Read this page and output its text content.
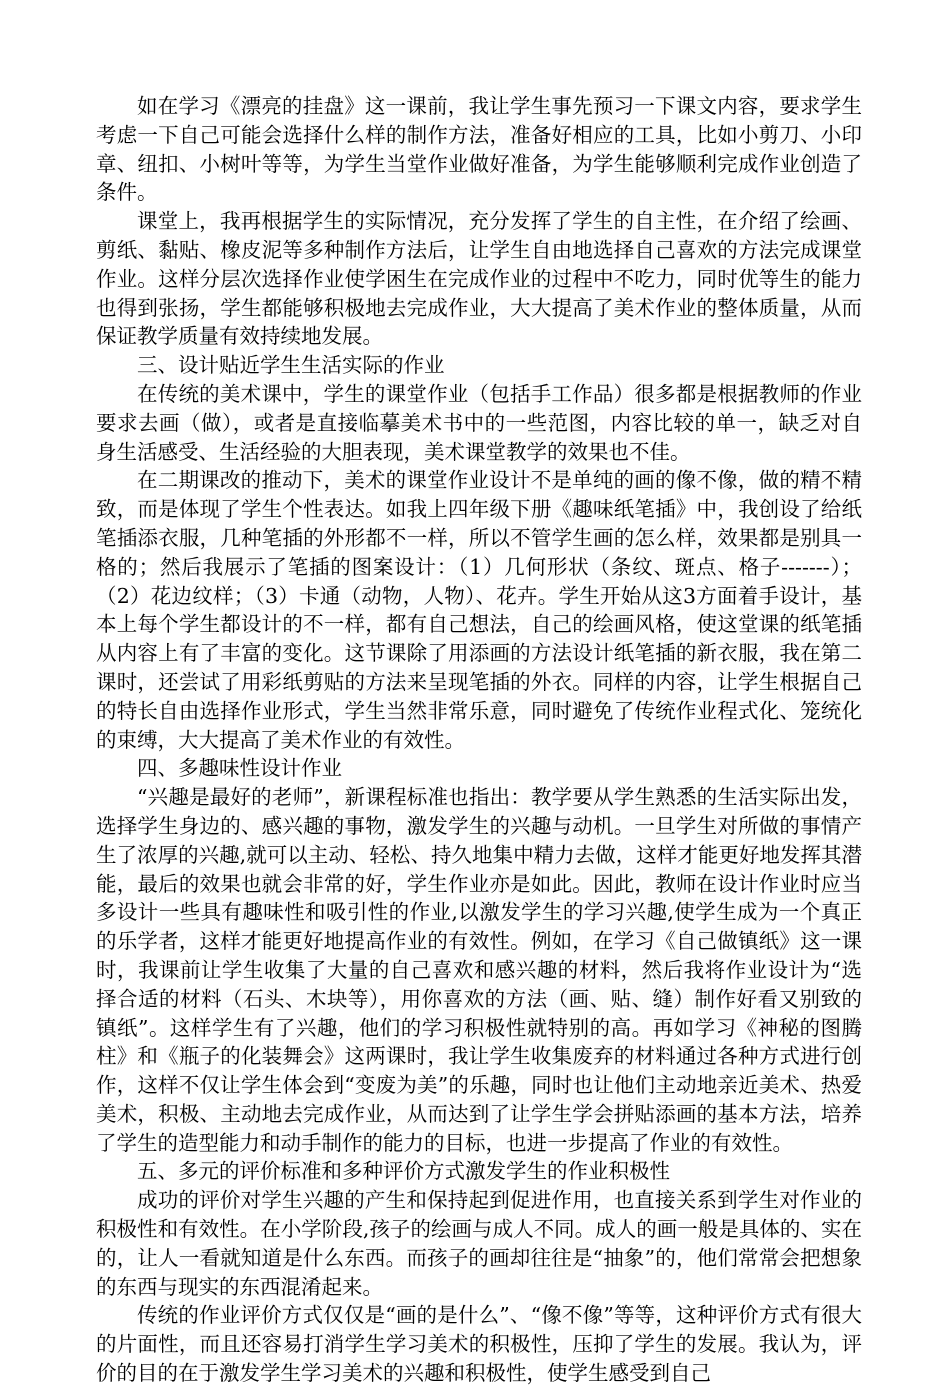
如在学习《漂亮的挂盘》这一课前，我让学生事先预习一下课文内容，要求学生考虑一下自己可能会选择什么样的制作方法，准备好相应的工具，比如小剪刀、小印章、纽扣、小树叶等等，为学生当堂作业做好准备，为学生能够顺利完成作业创造了条件。

课堂上，我再根据学生的实际情况，充分发挥了学生的自主性，在介绍了绘画、剪纸、黏贴、橡皮泥等多种制作方法后，让学生自由地选择自己喜欢的方法完成课堂作业。这样分层次选择作业使学困生在完成作业的过程中不吃力，同时优等生的能力也得到张扬，学生都能够积极地去完成作业，大大提高了美术作业的整体质量，从而保证教学质量有效持续地发展。

三、设计贴近学生生活实际的作业

在传统的美术课中，学生的课堂作业（包括手工作品）很多都是根据教师的作业要求去画（做），或者是直接临摹美术书中的一些范图，内容比较的单一，缺乏对自身生活感受、生活经验的大胆表现，美术课堂教学的效果也不佳。

在二期课改的推动下，美术的课堂作业设计不是单纯的画的像不像，做的精不精致，而是体现了学生个性表达。如我上四年级下册《趣味纸笔插》中，我创设了给纸笔插添衣服，几种笔插的外形都不一样，所以不管学生画的怎么样，效果都是别具一格的；然后我展示了笔插的图案设计：（1）几何形状（条纹、斑点、格子-------）；（2）花边纹样；（3）卡通（动物，人物）、花卉。学生开始从这3方面着手设计，基本上每个学生都设计的不一样，都有自己想法，自己的绘画风格，使这堂课的纸笔插从内容上有了丰富的变化。这节课除了用添画的方法设计纸笔插的新衣服，我在第二课时，还尝试了用彩纸剪贴的方法来呈现笔插的外衣。同样的内容，让学生根据自己的特长自由选择作业形式，学生当然非常乐意，同时避免了传统作业程式化、笼统化的束缚，大大提高了美术作业的有效性。

四、多趣味性设计作业

“兴趣是最好的老师”，新课程标准也指出：教学要从学生熟悉的生活实际出发，选择学生身边的、感兴趣的事物，激发学生的兴趣与动机。一旦学生对所做的事情产生了浓厚的兴趣,就可以主动、轻松、持久地集中精力去做，这样才能更好地发挥其潜能，最后的效果也就会非常的好，学生作业亦是如此。因此，教师在设计作业时应当多设计一些具有趣味性和吸引性的作业,以激发学生的学习兴趣,使学生成为一个真正的乐学者，这样才能更好地提高作业的有效性。例如，在学习《自己做镇纸》这一课时，我课前让学生收集了大量的自己喜欢和感兴趣的材料，然后我将作业设计为“选择合适的材料（石头、木块等），用你喜欢的方法（画、贴、缝）制作好看又别致的镇纸”。这样学生有了兴趣，他们的学习积极性就特别的高。再如学习《神秘的图腾柱》和《瓶子的化装舞会》这两课时，我让学生收集废弃的材料通过各种方式进行创作，这样不仅让学生体会到“变废为美”的乐趣，同时也让他们主动地亲近美术、热爱美术，积极、主动地去完成作业，从而达到了让学生学会拼贴添画的基本方法，培养了学生的造型能力和动手制作的能力的目标，也进一步提高了作业的有效性。

五、多元的评价标准和多种评价方式激发学生的作业积极性

成功的评价对学生兴趣的产生和保持起到促进作用，也直接关系到学生对作业的积极性和有效性。在小学阶段,孩子的绘画与成人不同。成人的画一般是具体的、实在的，让人一看就知道是什么东西。而孩子的画却往往是“抽象”的，他们常常会把想象的东西与现实的东西混淆起来。

传统的作业评价方式仅仅是“画的是什么”、“像不像”等等，这种评价方式有很大的片面性，而且还容易打消学生学习美术的积极性，压抑了学生的发展。我认为，评价的目的在于激发学生学习美术的兴趣和积极性，使学生感受到自己
